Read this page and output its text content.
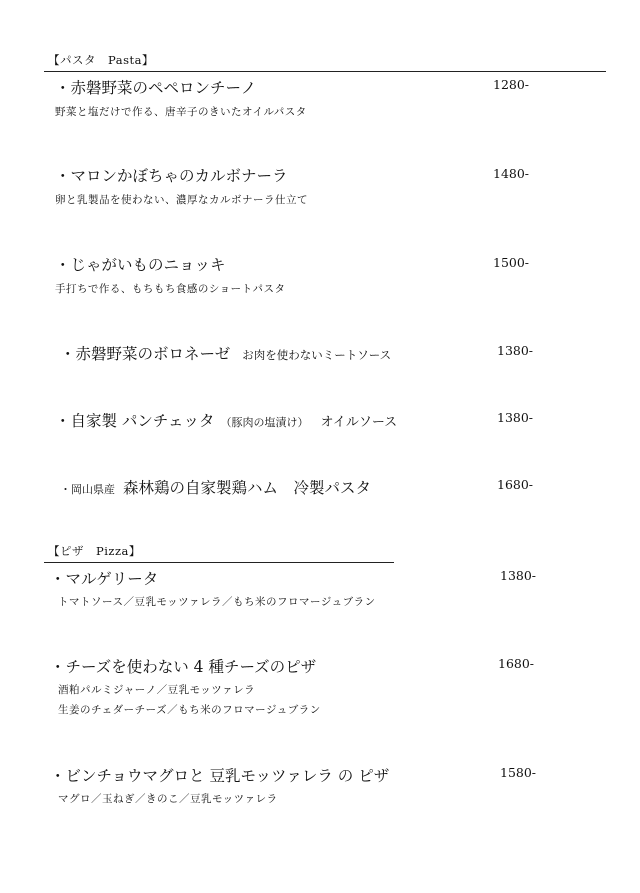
【パスタ　Pasta】
・赤磐野菜のペペロンチーノ	1280-
野菜と塩だけで作る、唐辛子のきいたオイルパスタ
・マロンかぼちゃのカルボナーラ	1480-
卵と乳製品を使わない、濃厚なカルボナーラ仕立て
・じゃがいものニョッキ	1500-
手打ちで作る、もちもち食感のショートパスタ
・赤磐野菜のボロネーゼ お肉を使わないミートソース	1380-
・自家製 パンチェッタ （豚肉の塩漬け） オイルソース	1380-
・岡山県産 森林鶏の自家製鶏ハム　冷製パスタ	1680-
【ピザ　Pizza】
・マルゲリータ	1380-
トマトソース／豆乳モッツァレラ／もち米のフロマージュブラン
・チーズを使わない 4 種チーズのピザ	1680-
酒粕パルミジャーノ／豆乳モッツァレラ
生姜のチェダーチーズ／もち米のフロマージュブラン
・ビンチョウマグロと 豆乳モッツァレラ の ピザ	1580-
マグロ／玉ねぎ／きのこ／豆乳モッツァレラ
